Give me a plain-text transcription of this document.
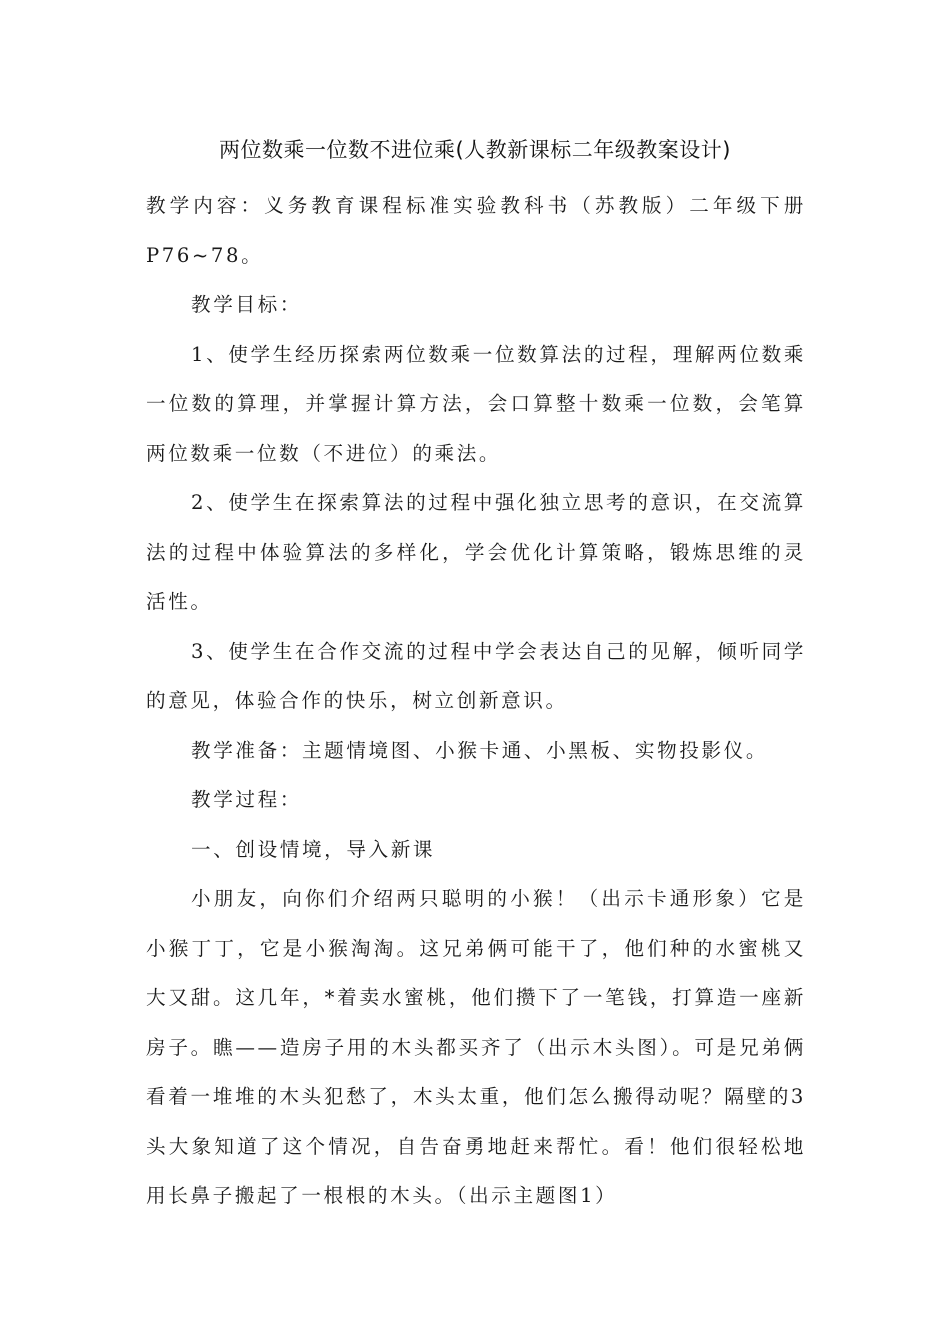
两位数乘一位数不进位乘(人教新课标二年级教案设计)

教学内容：义务教育课程标准实验教科书（苏教版）二年级下册P76~78。

教学目标：

1、使学生经历探索两位数乘一位数算法的过程，理解两位数乘一位数的算理，并掌握计算方法，会口算整十数乘一位数，会笔算两位数乘一位数（不进位）的乘法。

2、使学生在探索算法的过程中强化独立思考的意识，在交流算法的过程中体验算法的多样化，学会优化计算策略，锻炼思维的灵活性。

3、使学生在合作交流的过程中学会表达自己的见解，倾听同学的意见，体验合作的快乐，树立创新意识。

教学准备：主题情境图、小猴卡通、小黑板、实物投影仪。

教学过程：

一、创设情境，导入新课

小朋友，向你们介绍两只聪明的小猴！（出示卡通形象）它是小猴丁丁，它是小猴淘淘。这兄弟俩可能干了，他们种的水蜜桃又大又甜。这几年，*着卖水蜜桃，他们攒下了一笔钱，打算造一座新房子。瞧——造房子用的木头都买齐了（出示木头图）。可是兄弟俩看着一堆堆的木头犯愁了，木头太重，他们怎么搬得动呢？隔壁的3头大象知道了这个情况，自告奋勇地赶来帮忙。看！他们很轻松地用长鼻子搬起了一根根的木头。（出示主题图1）
